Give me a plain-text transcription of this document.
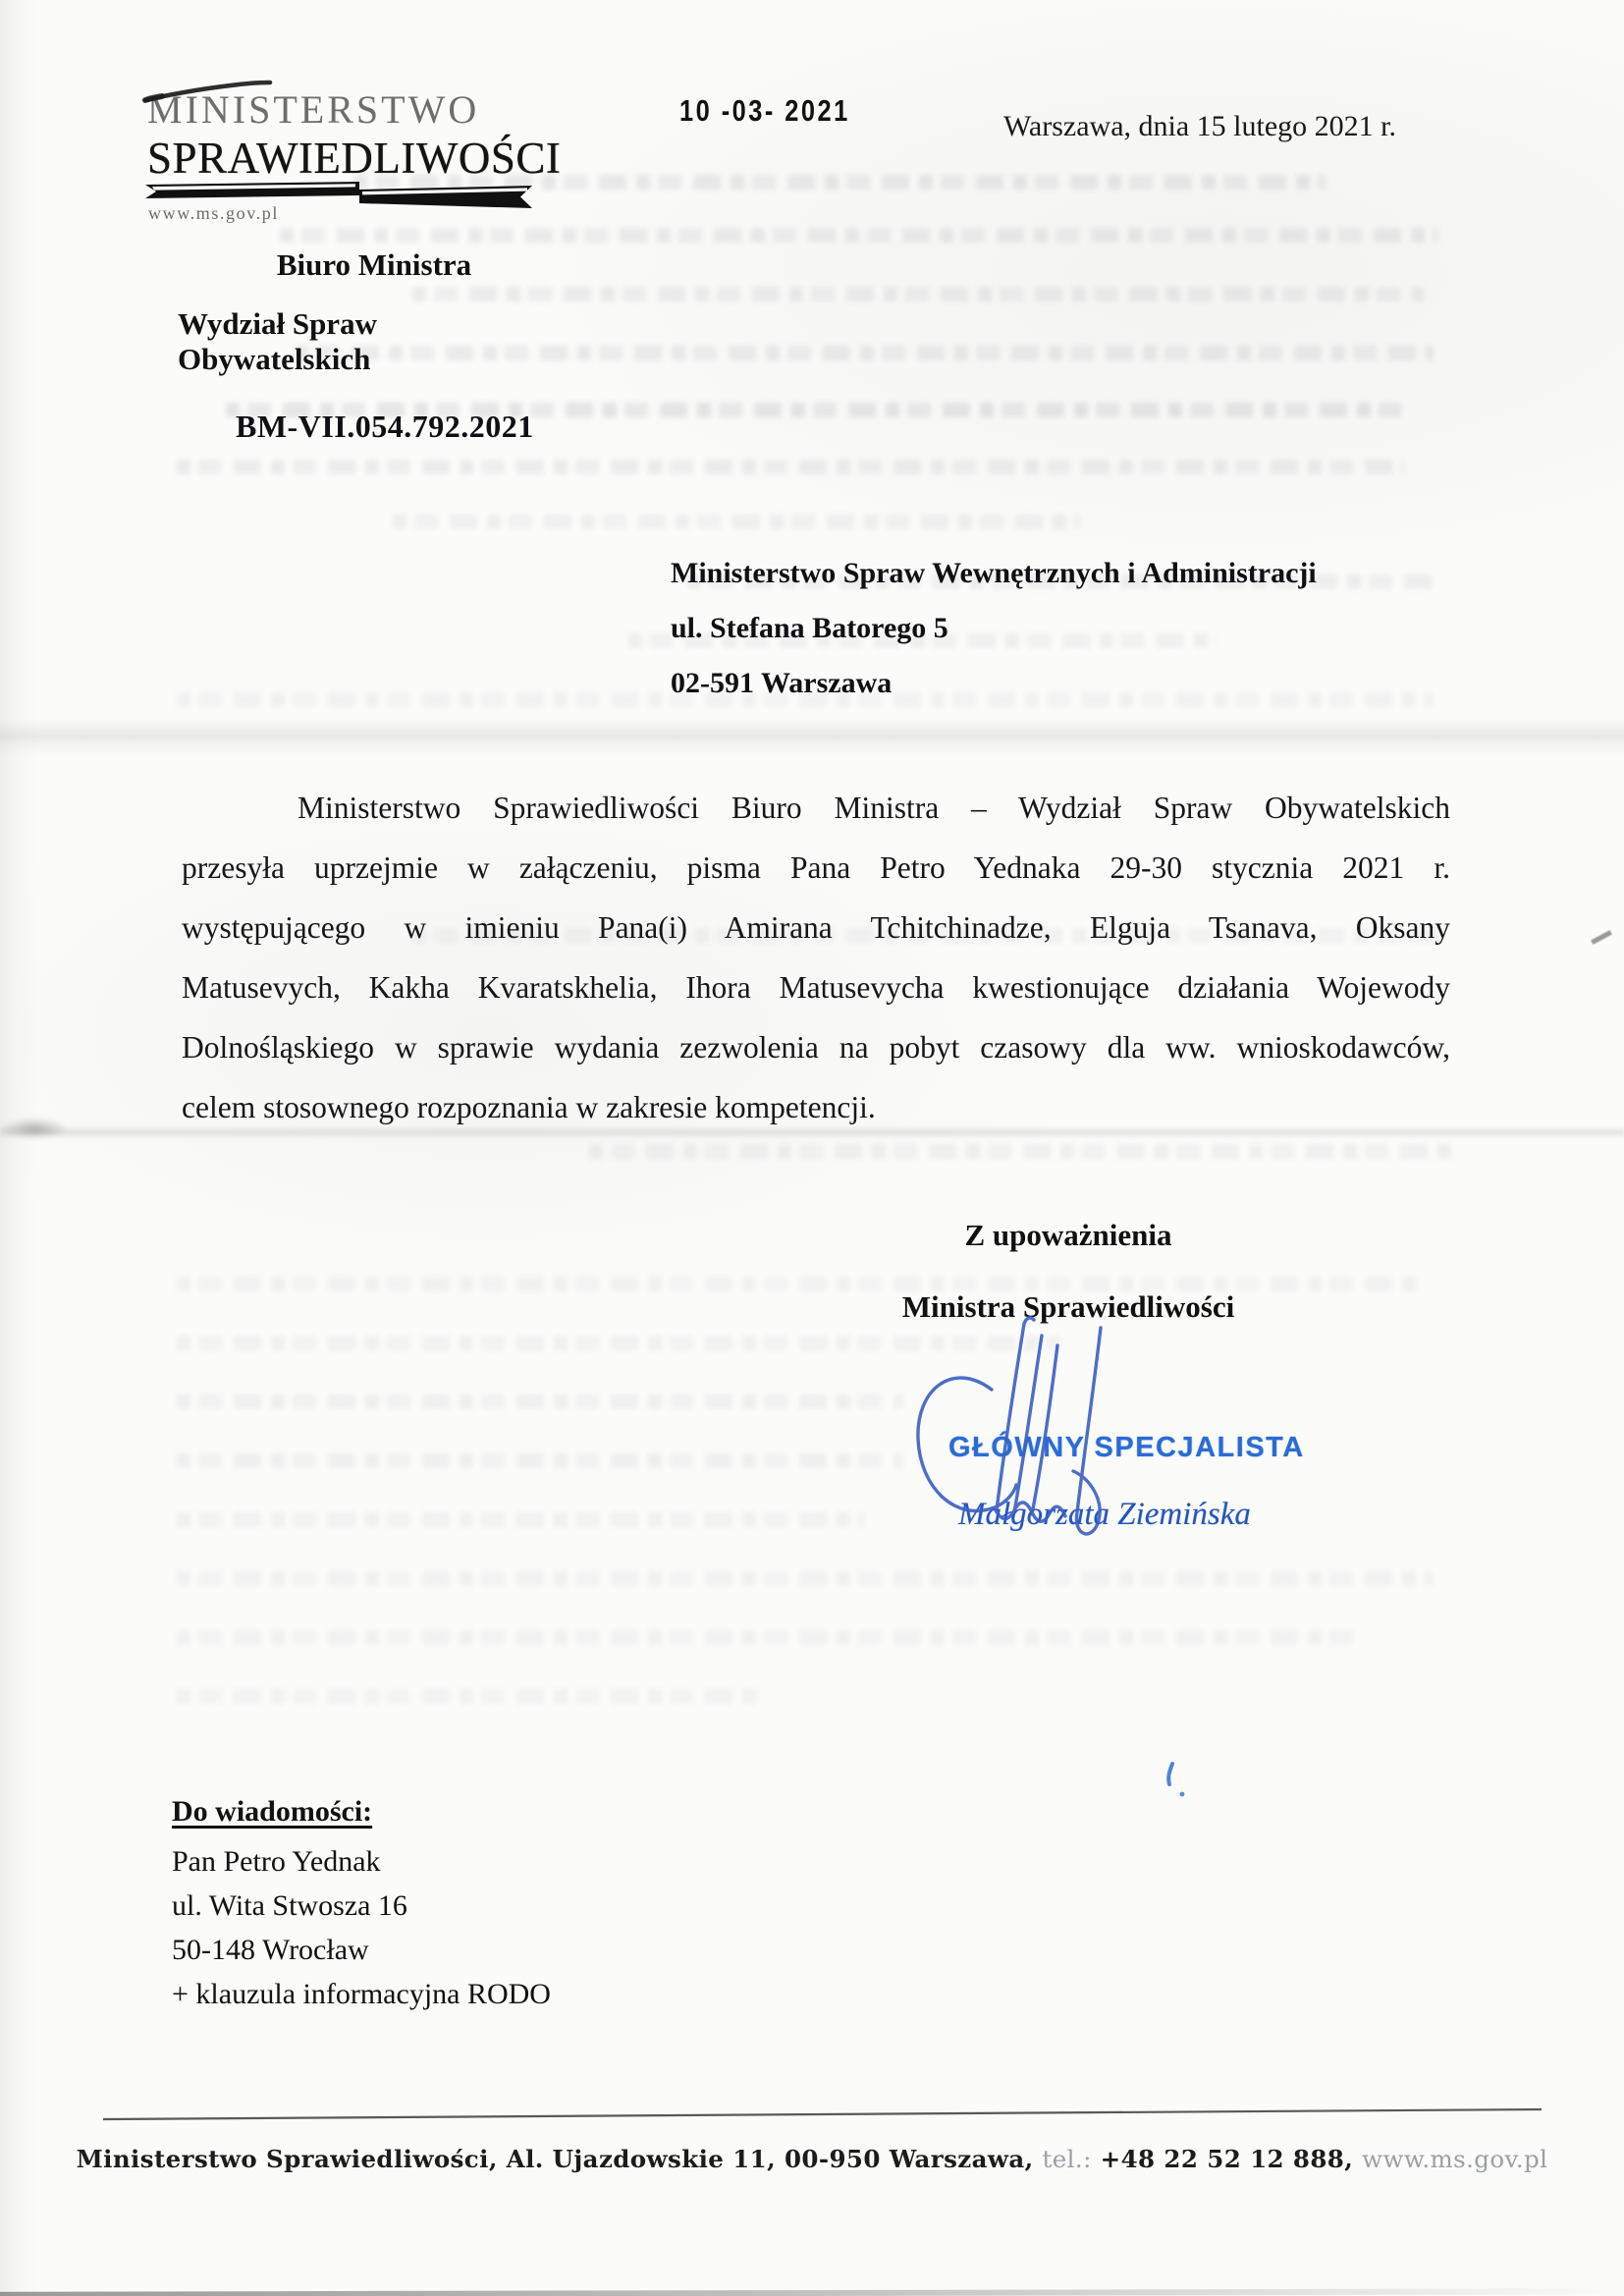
MINISTERSTWO
SPRAWIEDLIWOŚCI
www.ms.gov.pl
10 -03- 2021	Warszawa, dnia 15 lutego 2021 r.
Biuro Ministra
Wydział Spraw Obywatelskich
BM-VII.054.792.2021
Ministerstwo Spraw Wewnętrznych i Administracji
ul. Stefana Batorego 5
02-591 Warszawa
Ministerstwo Sprawiedliwości Biuro Ministra – Wydział Spraw Obywatelskich
przesyła uprzejmie w załączeniu, pisma Pana Petro Yednaka 29-30 stycznia 2021 r.
występującego w imieniu Pana(i) Amirana Tchitchinadze, Elguja Tsanava, Oksany
Matusevych, Kakha Kvaratskhelia, Ihora Matusevycha kwestionujące działania Wojewody
Dolnośląskiego w sprawie wydania zezwolenia na pobyt czasowy dla ww. wnioskodawców,
celem stosownego rozpoznania w zakresie kompetencji.
Z upoważnienia
Ministra Sprawiedliwości
GŁÓWNY SPECJALISTA
Małgorzata Ziemińska
Do wiadomości:
Pan Petro Yednak
ul. Wita Stwosza 16
50-148 Wrocław
+ klauzula informacyjna RODO
Ministerstwo Sprawiedliwości, Al. Ujazdowskie 11, 00-950 Warszawa, tel.: +48 22 52 12 888, www.ms.gov.pl
